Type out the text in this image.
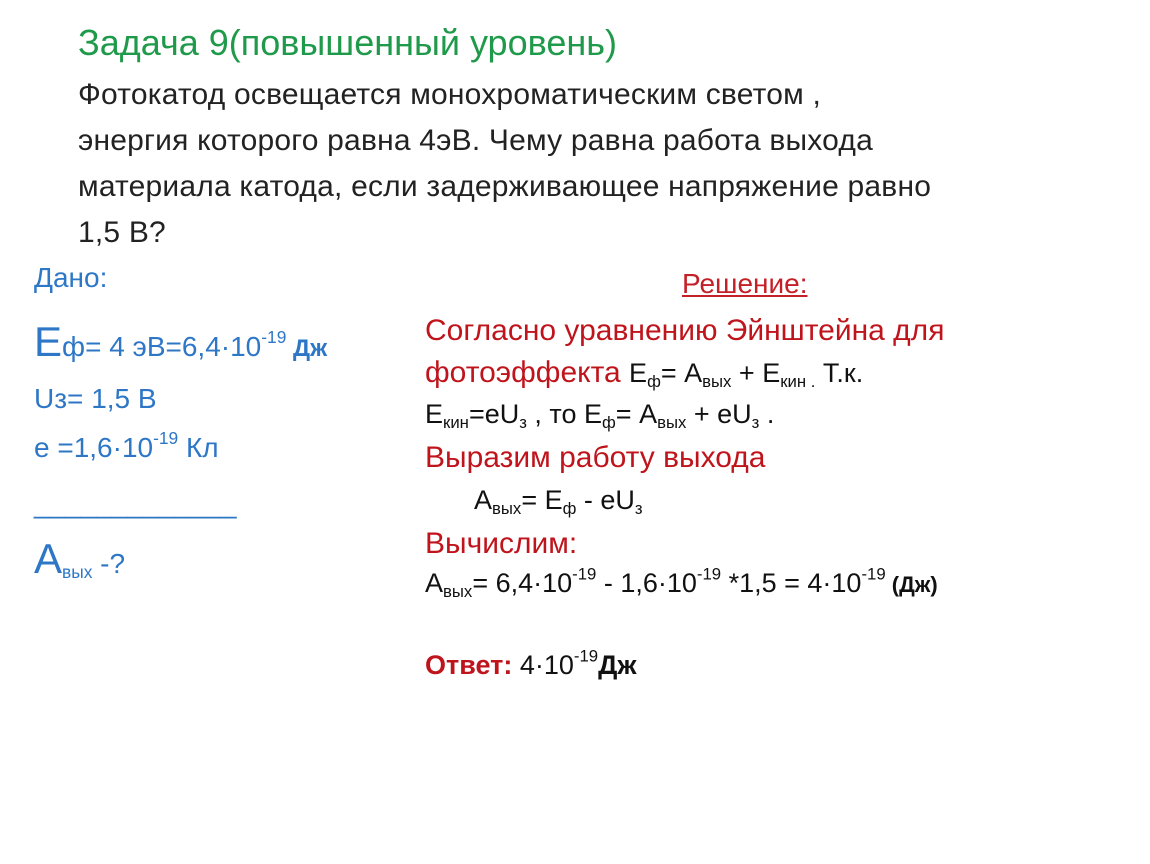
Задача 9(повышенный уровень)
Фотокатод освещается монохроматическим светом ,
энергия которого равна 4эВ. Чему равна работа выхода
материала катода, если задерживающее напряжение равно
1,5 В?
Дано:
Еф= 4 $эВ=6,4\cdot 10^{-19}$ Дж
Uз= 1,5 В
$е =1,6\cdot 10^{-19}$ Кл
_____________
$А_{вых}$ -?
Решение:
Согласно уравнению Эйнштейна для
фотоэффекта $Е_ф= А_{вых} + Е_{кин .}$ Т.к.
$Е_{кин}=eU_з$ , то $Е_ф= А_{вых} + eU_з$ .
Выразим работу выхода
$А_{вых}= Е_ф - eU_з$
Вычислим:
$А_{вых}= 6,4\cdot 10^{-19} - 1,6\cdot 10^{-19}$ $*1,5 = 4\cdot 10^{-19}$ (Дж)
Ответ: $4\cdot 10^{-19}Дж$
